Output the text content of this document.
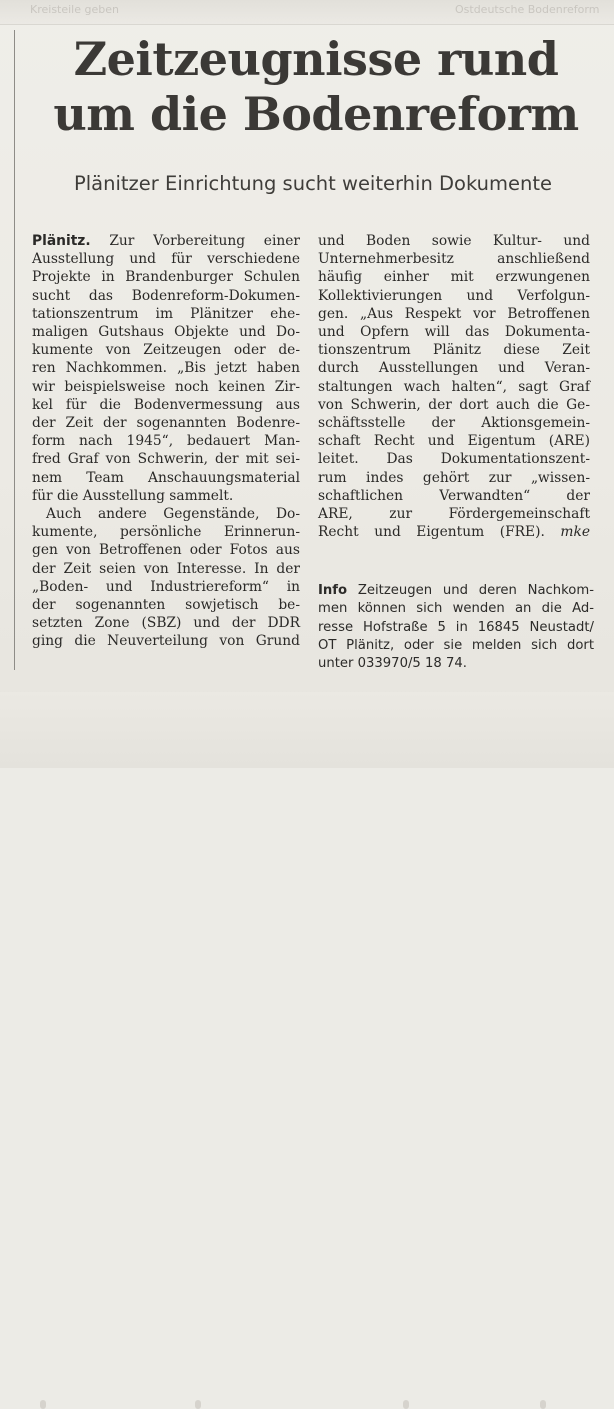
Kreisteile geben	Ostdeutsche Bodenreform
Zeitzeugnisse rund
um die Bodenreform
Plänitzer Einrichtung sucht weiterhin Dokumente
Plänitz. Zur Vorbereitung einer
Ausstellung und für verschiedene
Projekte in Brandenburger Schulen
sucht das Bodenreform-Dokumen-
tationszentrum im Plänitzer ehe-
maligen Gutshaus Objekte und Do-
kumente von Zeitzeugen oder de-
ren Nachkommen. „Bis jetzt haben
wir beispielsweise noch keinen Zir-
kel für die Bodenvermessung aus
der Zeit der sogenannten Bodenre-
form nach 1945“, bedauert Man-
fred Graf von Schwerin, der mit sei-
nem Team Anschauungsmaterial
für die Ausstellung sammelt.
Auch andere Gegenstände, Do-
kumente, persönliche Erinnerun-
gen von Betroffenen oder Fotos aus
der Zeit seien von Interesse. In der
„Boden- und Industriereform“ in
der sogenannten sowjetisch be-
setzten Zone (SBZ) und der DDR
ging die Neuverteilung von Grund
und Boden sowie Kultur- und
Unternehmerbesitz anschließend
häufig einher mit erzwungenen
Kollektivierungen und Verfolgun-
gen. „Aus Respekt vor Betroffenen
und Opfern will das Dokumenta-
tionszentrum Plänitz diese Zeit
durch Ausstellungen und Veran-
staltungen wach halten“, sagt Graf
von Schwerin, der dort auch die Ge-
schäftsstelle der Aktionsgemein-
schaft Recht und Eigentum (ARE)
leitet. Das Dokumentationszent-
rum indes gehört zur „wissen-
schaftlichen Verwandten“ der
ARE, zur Fördergemeinschaft
Recht und Eigentum (FRE). mke
Info Zeitzeugen und deren Nachkom-
men können sich wenden an die Ad-
resse Hofstraße 5 in 16845 Neustadt/
OT Plänitz, oder sie melden sich dort
unter 033970/5 18 74.
